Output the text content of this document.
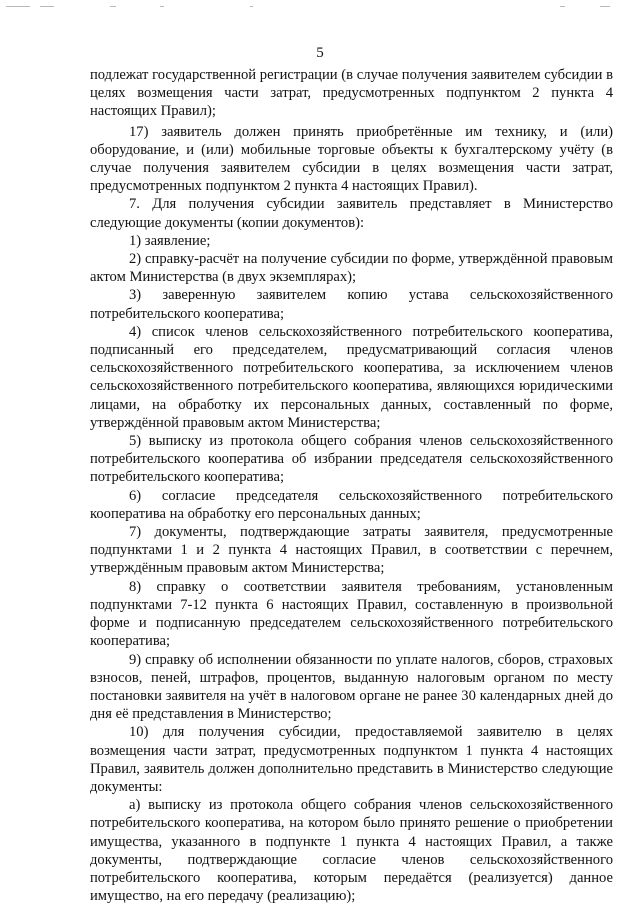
5

подлежат государственной регистрации (в случае получения заявителем субсидии в целях возмещения части затрат, предусмотренных подпунктом 2 пункта 4 настоящих Правил);

17) заявитель должен принять приобретённые им технику, и (или) оборудование, и (или) мобильные торговые объекты к бухгалтерскому учёту (в случае получения заявителем субсидии в целях возмещения части затрат, предусмотренных подпунктом 2 пункта 4 настоящих Правил).

7. Для получения субсидии заявитель представляет в Министерство следующие документы (копии документов):

1) заявление;

2) справку-расчёт на получение субсидии по форме, утверждённой правовым актом Министерства (в двух экземплярах);

3) заверенную заявителем копию устава сельскохозяйственного потребительского кооператива;

4) список членов сельскохозяйственного потребительского кооператива, подписанный его председателем, предусматривающий согласия членов сельскохозяйственного потребительского кооператива, за исключением членов сельскохозяйственного потребительского кооператива, являющихся юридическими лицами, на обработку их персональных данных, составленный по форме, утверждённой правовым актом Министерства;

5) выписку из протокола общего собрания членов сельскохозяйственного потребительского кооператива об избрании председателя сельскохозяйственного потребительского кооператива;

6) согласие председателя сельскохозяйственного потребительского кооператива на обработку его персональных данных;

7) документы, подтверждающие затраты заявителя, предусмотренные подпунктами 1 и 2 пункта 4 настоящих Правил, в соответствии с перечнем, утверждённым правовым актом Министерства;

8) справку о соответствии заявителя требованиям, установленным подпунктами 7-12 пункта 6 настоящих Правил, составленную в произвольной форме и подписанную председателем сельскохозяйственного потребительского кооператива;

9) справку об исполнении обязанности по уплате налогов, сборов, страховых взносов, пеней, штрафов, процентов, выданную налоговым органом по месту постановки заявителя на учёт в налоговом органе не ранее 30 календарных дней до дня её представления в Министерство;

10) для получения субсидии, предоставляемой заявителю в целях возмещения части затрат, предусмотренных подпунктом 1 пункта 4 настоящих Правил, заявитель должен дополнительно представить в Министерство следующие документы:

а) выписку из протокола общего собрания членов сельскохозяйственного потребительского кооператива, на котором было принято решение о приобретении имущества, указанного в подпункте 1 пункта 4 настоящих Правил, а также документы, подтверждающие согласие членов сельскохозяйственного потребительского кооператива, которым передаётся (реализуется) данное имущество, на его передачу (реализацию);
